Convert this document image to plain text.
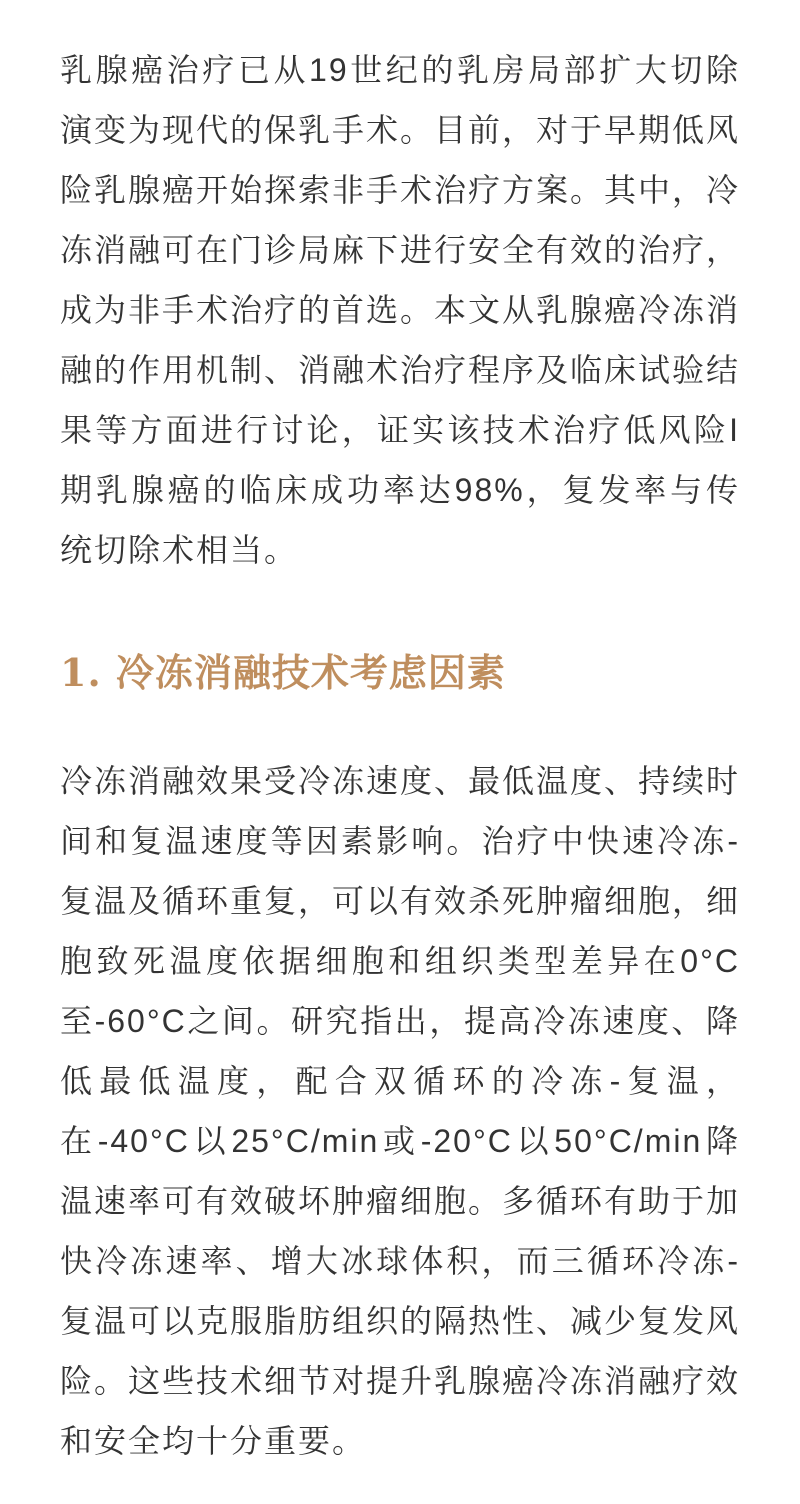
乳腺癌治疗已从19世纪的乳房局部扩大切除演变为现代的保乳手术。目前，对于早期低风险乳腺癌开始探索非手术治疗方案。其中，冷冻消融可在门诊局麻下进行安全有效的治疗，成为非手术治疗的首选。本文从乳腺癌冷冻消融的作用机制、消融术治疗程序及临床试验结果等方面进行讨论，证实该技术治疗低风险I期乳腺癌的临床成功率达98%，复发率与传统切除术相当。

1. 冷冻消融技术考虑因素

冷冻消融效果受冷冻速度、最低温度、持续时间和复温速度等因素影响。治疗中快速冷冻-复温及循环重复，可以有效杀死肿瘤细胞，细胞致死温度依据细胞和组织类型差异在0°C至-60°C之间。研究指出，提高冷冻速度、降低最低温度，配合双循环的冷冻-复温，在-40°C以25°C/min或-20°C以50°C/min降温速率可有效破坏肿瘤细胞。多循环有助于加快冷冻速率、增大冰球体积，而三循环冷冻-复温可以克服脂肪组织的隔热性、减少复发风险。这些技术细节对提升乳腺癌冷冻消融疗效和安全均十分重要。
